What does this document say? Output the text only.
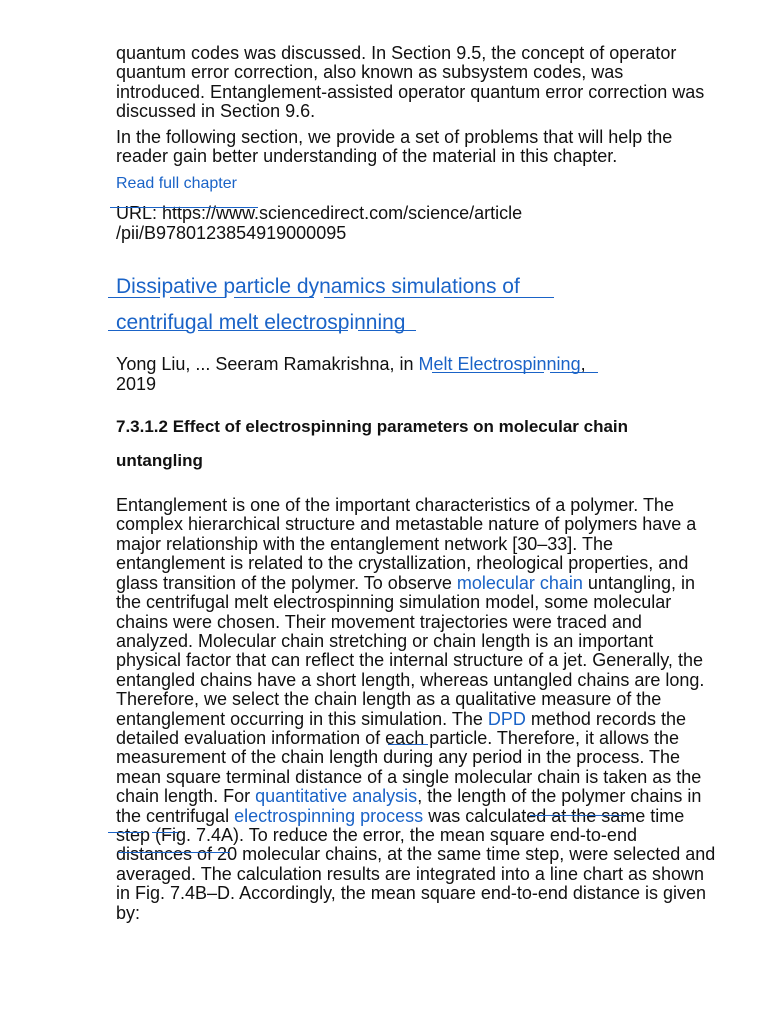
quantum codes was discussed. In Section 9.5, the concept of operator quantum error correction, also known as subsystem codes, was introduced. Entanglement-assisted operator quantum error correction was discussed in Section 9.6.

In the following section, we provide a set of problems that will help the reader gain better understanding of the material in this chapter.

Read full chapter

URL: https://www.sciencedirect.com/science/article
/pii/B9780123854919000095

Dissipative particle dynamics simulations of
centrifugal melt electrospinning

Yong Liu, ... Seeram Ramakrishna, in Melt Electrospinning,
2019

7.3.1.2 Effect of electrospinning parameters on molecular chain untangling

Entanglement is one of the important characteristics of a polymer. The complex hierarchical structure and metastable nature of polymers have a major relationship with the entanglement network [30–33]. The entanglement is related to the crystallization, rheological properties, and glass transition of the polymer. To observe molecular chain untangling, in the centrifugal melt electrospinning simulation model, some molecular chains were chosen. Their movement trajectories were traced and analyzed. Molecular chain stretching or chain length is an important physical factor that can reflect the internal structure of a jet. Generally, the entangled chains have a short length, whereas untangled chains are long. Therefore, we select the chain length as a qualitative measure of the entanglement occurring in this simulation. The DPD method records the detailed evaluation information of each particle. Therefore, it allows the measurement of the chain length during any period in the process. The mean square terminal distance of a single molecular chain is taken as the chain length. For quantitative analysis, the length of the polymer chains in the centrifugal electrospinning process was calculated at the same time step (Fig. 7.4A). To reduce the error, the mean square end-to-end distances of 20 molecular chains, at the same time step, were selected and averaged. The calculation results are integrated into a line chart as shown in Fig. 7.4B–D. Accordingly, the mean square end-to-end distance is given by:
